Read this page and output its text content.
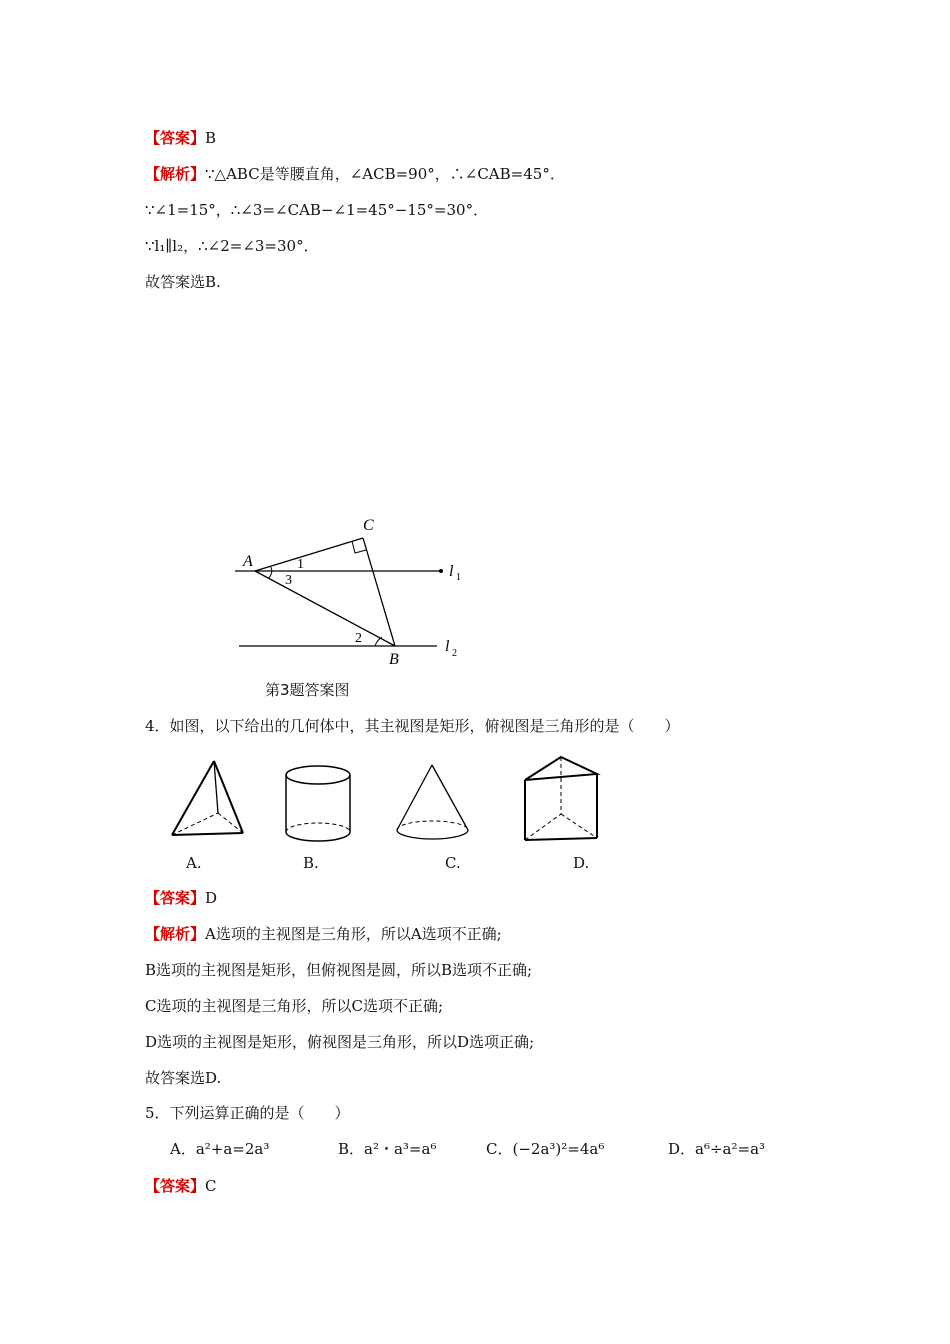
【答案】B
【解析】∵△ABC是等腰直角，∠ACB=90°，∴∠CAB=45°．
∵∠1=15°，∴∠3=∠CAB−∠1=45°−15°=30°．
∵l₁∥l₂，∴∠2=∠3=30°．
故答案选B.
A
C
B
1
3
2
l 1
l 2
第3题答案图
4．如图，以下给出的几何体中，其主视图是矩形，俯视图是三角形的是（　　）
A.	B.	C.	D.
【答案】D
【解析】A选项的主视图是三角形，所以A选项不正确;
B选项的主视图是矩形，但俯视图是圆，所以B选项不正确;
C选项的主视图是三角形，所以C选项不正确;
D选项的主视图是矩形，俯视图是三角形，所以D选项正确;
故答案选D.
5．下列运算正确的是（　　）
A．a²+a=2a³	B．a²・a³=a⁶	C．(−2a³)²=4a⁶	D．a⁶÷a²=a³
【答案】C
